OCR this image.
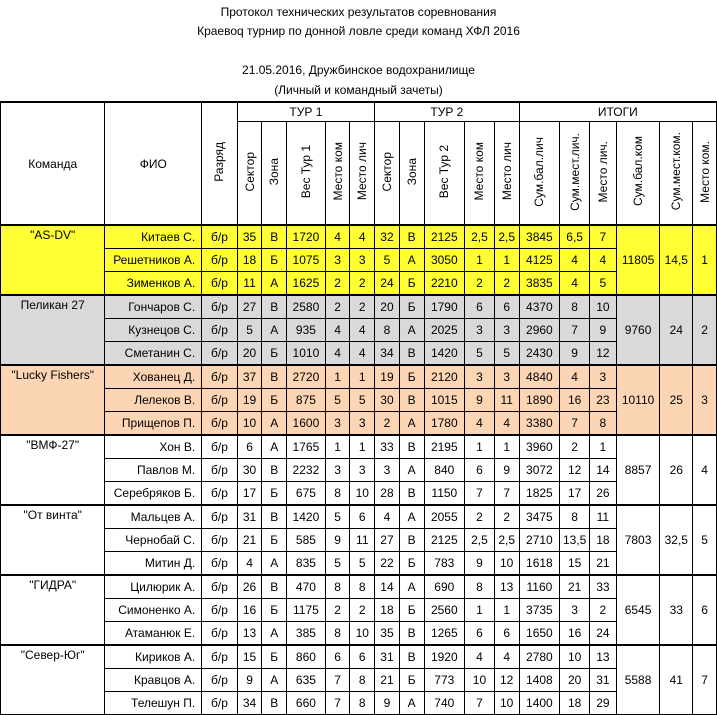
Протокол технических результатов соревнования
Краевоq турнир по донной ловле среди команд ХФЛ 2016
21.05.2016, Дружбинское водохранилище
(Личный и командный зачеты)
Команда	ФИО	Разряд	ТУР 1					ТУР 2					ИТОГИ					
			Сектор	Зона	Вес Тур 1	Место ком	Место лич	Сектор	Зона	Вес Тур 2	Место ком	Место лич	Сум.бал.лич	Сум.мест.лич.	Место лич.	Сум.бал.ком	Сум.мест.ком.	Место ком.
"AS-DV"	Китаев С.	б/р	35	В	1720	4	4	32	В	2125	2,5	2,5	3845	6,5	7	11805	14,5	1
	Решетников А.	б/р	18	Б	1075	3	3	5	А	3050	1	1	4125	4	4			
	Зименков А.	б/р	11	А	1625	2	2	24	Б	2210	2	2	3835	4	5			
Пеликан 27	Гончаров С.	б/р	27	В	2580	2	2	20	Б	1790	6	6	4370	8	10	9760	24	2
	Кузнецов С.	б/р	5	А	935	4	4	8	А	2025	3	3	2960	7	9			
	Сметанин С.	б/р	20	Б	1010	4	4	34	В	1420	5	5	2430	9	12			
"Lucky Fishers"	Хованец Д.	б/р	37	В	2720	1	1	19	Б	2120	3	3	4840	4	3	10110	25	3
	Лелеков В.	б/р	19	Б	875	5	5	30	В	1015	9	11	1890	16	23			
	Прищепов П.	б/р	10	А	1600	3	3	2	А	1780	4	4	3380	7	8			
"ВМФ-27"	Хон В.	б/р	6	А	1765	1	1	33	В	2195	1	1	3960	2	1	8857	26	4
	Павлов М.	б/р	30	В	2232	3	3	3	А	840	6	9	3072	12	14			
	Серебряков Б.	б/р	17	Б	675	8	10	28	В	1150	7	7	1825	17	26			
"От винта"	Мальцев А.	б/р	31	В	1420	5	6	4	А	2055	2	2	3475	8	11	7803	32,5	5
	Чернобай С.	б/р	21	Б	585	9	11	27	В	2125	2,5	2,5	2710	13,5	18			
	Митин Д.	б/р	4	А	835	5	5	22	Б	783	9	10	1618	15	21			
"ГИДРА"	Цилюрик А.	б/р	26	В	470	8	8	14	А	690	8	13	1160	21	33	6545	33	6
	Симоненко А.	б/р	16	Б	1175	2	2	18	Б	2560	1	1	3735	3	2			
	Атаманюк Е.	б/р	13	А	385	8	10	35	В	1265	6	6	1650	16	24			
"Север-Юг"	Кириков А.	б/р	15	Б	860	6	6	31	В	1920	4	4	2780	10	13	5588	41	7
	Кравцов А.	б/р	9	А	635	7	8	21	Б	773	10	12	1408	20	31			
	Телешун П.	б/р	34	В	660	7	8	9	А	740	7	10	1400	18	29			
